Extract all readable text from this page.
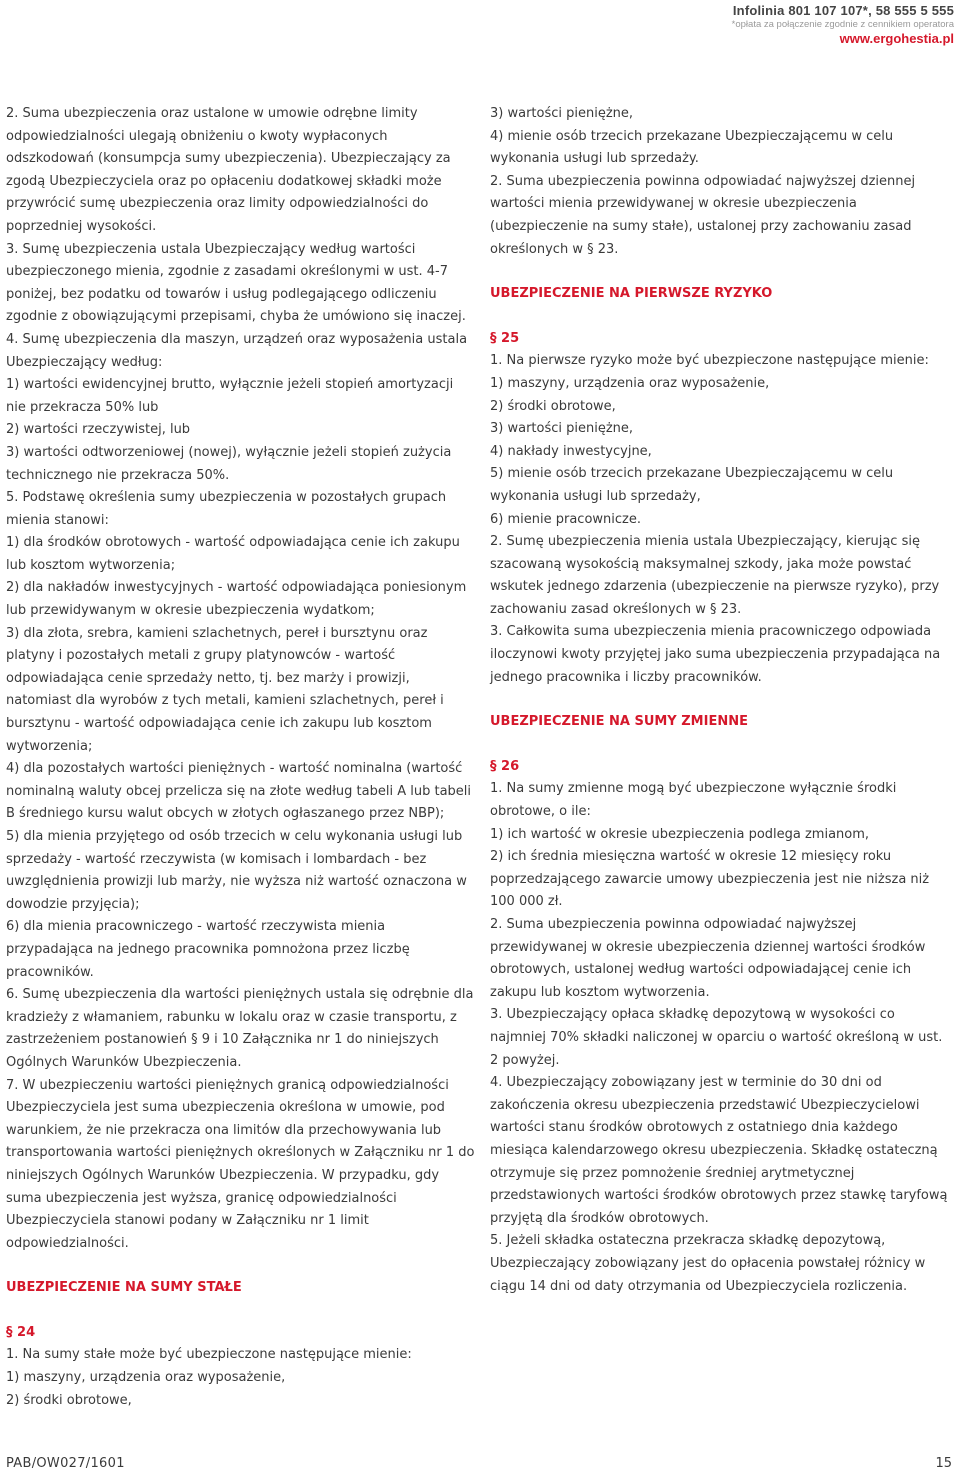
Infolinia 801 107 107*, 58 555 5 555
*opłata za połączenie zgodnie z cennikiem operatora
www.ergohestia.pl

2. Suma ubezpieczenia oraz ustalone w umowie odrębne limity odpowiedzialności ulegają obniżeniu o kwoty wypłaconych odszkodowań (konsumpcja sumy ubezpieczenia). Ubezpieczający za zgodą Ubezpieczyciela oraz po opłaceniu dodatkowej składki może przywrócić sumę ubezpieczenia oraz limity odpowiedzialności do poprzedniej wysokości.

3. Sumę ubezpieczenia ustala Ubezpieczający według wartości ubezpieczonego mienia, zgodnie z zasadami określonymi w ust. 4-7 poniżej, bez podatku od towarów i usług podlegającego odliczeniu zgodnie z obowiązującymi przepisami, chyba że umówiono się inaczej.

4. Sumę ubezpieczenia dla maszyn, urządzeń oraz wyposażenia ustala Ubezpieczający według:

1) wartości ewidencyjnej brutto, wyłącznie jeżeli stopień amortyzacji nie przekracza 50% lub

2) wartości rzeczywistej, lub

3) wartości odtworzeniowej (nowej), wyłącznie jeżeli stopień zużycia technicznego nie przekracza 50%.

5. Podstawę określenia sumy ubezpieczenia w pozostałych grupach mienia stanowi:

1) dla środków obrotowych - wartość odpowiadająca cenie ich zakupu lub kosztom wytworzenia;

2) dla nakładów inwestycyjnych - wartość odpowiadająca poniesionym lub przewidywanym w okresie ubezpieczenia wydatkom;

3) dla złota, srebra, kamieni szlachetnych, pereł i bursztynu oraz platyny i pozostałych metali z grupy platynowców - wartość odpowiadająca cenie sprzedaży netto, tj. bez marży i prowizji, natomiast dla wyrobów z tych metali, kamieni szlachetnych, pereł i bursztynu - wartość odpowiadająca cenie ich zakupu lub kosztom wytworzenia;

4) dla pozostałych wartości pieniężnych - wartość nominalna (wartość nominalną waluty obcej przelicza się na złote według tabeli A lub tabeli B średniego kursu walut obcych w złotych ogłaszanego przez NBP);

5) dla mienia przyjętego od osób trzecich w celu wykonania usługi lub sprzedaży - wartość rzeczywista (w komisach i lombardach - bez uwzględnienia prowizji lub marży, nie wyższa niż wartość oznaczona w dowodzie przyjęcia);

6) dla mienia pracowniczego - wartość rzeczywista mienia przypadająca na jednego pracownika pomnożona przez liczbę pracowników.

6. Sumę ubezpieczenia dla wartości pieniężnych ustala się odrębnie dla kradzieży z włamaniem, rabunku w lokalu oraz w czasie transportu, z zastrzeżeniem postanowień § 9 i 10 Załącznika nr 1 do niniejszych Ogólnych Warunków Ubezpieczenia.

7. W ubezpieczeniu wartości pieniężnych granicą odpowiedzialności Ubezpieczyciela jest suma ubezpieczenia określona w umowie, pod warunkiem, że nie przekracza ona limitów dla przechowywania lub transportowania wartości pieniężnych określonych w Załączniku nr 1 do niniejszych Ogólnych Warunków Ubezpieczenia. W przypadku, gdy suma ubezpieczenia jest wyższa, granicę odpowiedzialności Ubezpieczyciela stanowi podany w Załączniku nr 1 limit odpowiedzialności.

UBEZPIECZENIE NA SUMY STAŁE

§ 24

1. Na sumy stałe może być ubezpieczone następujące mienie:

1) maszyny, urządzenia oraz wyposażenie,

2) środki obrotowe,

3) wartości pieniężne,

4) mienie osób trzecich przekazane Ubezpieczającemu w celu wykonania usługi lub sprzedaży.

2. Suma ubezpieczenia powinna odpowiadać najwyższej dziennej wartości mienia przewidywanej w okresie ubezpieczenia (ubezpieczenie na sumy stałe), ustalonej przy zachowaniu zasad określonych w § 23.

UBEZPIECZENIE NA PIERWSZE RYZYKO

§ 25

1. Na pierwsze ryzyko może być ubezpieczone następujące mienie:

1) maszyny, urządzenia oraz wyposażenie,

2) środki obrotowe,

3) wartości pieniężne,

4) nakłady inwestycyjne,

5) mienie osób trzecich przekazane Ubezpieczającemu w celu wykonania usługi lub sprzedaży,

6) mienie pracownicze.

2. Sumę ubezpieczenia mienia ustala Ubezpieczający, kierując się szacowaną wysokością maksymalnej szkody, jaka może powstać wskutek jednego zdarzenia (ubezpieczenie na pierwsze ryzyko), przy zachowaniu zasad określonych w § 23.

3. Całkowita suma ubezpieczenia mienia pracowniczego odpowiada iloczynowi kwoty przyjętej jako suma ubezpieczenia przypadająca na jednego pracownika i liczby pracowników.

UBEZPIECZENIE NA SUMY ZMIENNE

§ 26

1. Na sumy zmienne mogą być ubezpieczone wyłącznie środki obrotowe, o ile:

1) ich wartość w okresie ubezpieczenia podlega zmianom,

2) ich średnia miesięczna wartość w okresie 12 miesięcy roku poprzedzającego zawarcie umowy ubezpieczenia jest nie niższa niż 100 000 zł.

2. Suma ubezpieczenia powinna odpowiadać najwyższej przewidywanej w okresie ubezpieczenia dziennej wartości środków obrotowych, ustalonej według wartości odpowiadającej cenie ich zakupu lub kosztom wytworzenia.

3. Ubezpieczający opłaca składkę depozytową w wysokości co najmniej 70% składki naliczonej w oparciu o wartość określoną w ust. 2 powyżej.

4. Ubezpieczający zobowiązany jest w terminie do 30 dni od zakończenia okresu ubezpieczenia przedstawić Ubezpieczycielowi wartości stanu środków obrotowych z ostatniego dnia każdego miesiąca kalendarzowego okresu ubezpieczenia. Składkę ostateczną otrzymuje się przez pomnożenie średniej arytmetycznej przedstawionych wartości środków obrotowych przez stawkę taryfową przyjętą dla środków obrotowych.

5. Jeżeli składka ostateczna przekracza składkę depozytową, Ubezpieczający zobowiązany jest do opłacenia powstałej różnicy w ciągu 14 dni od daty otrzymania od Ubezpieczyciela rozliczenia.

PAB/OW027/1601	15
